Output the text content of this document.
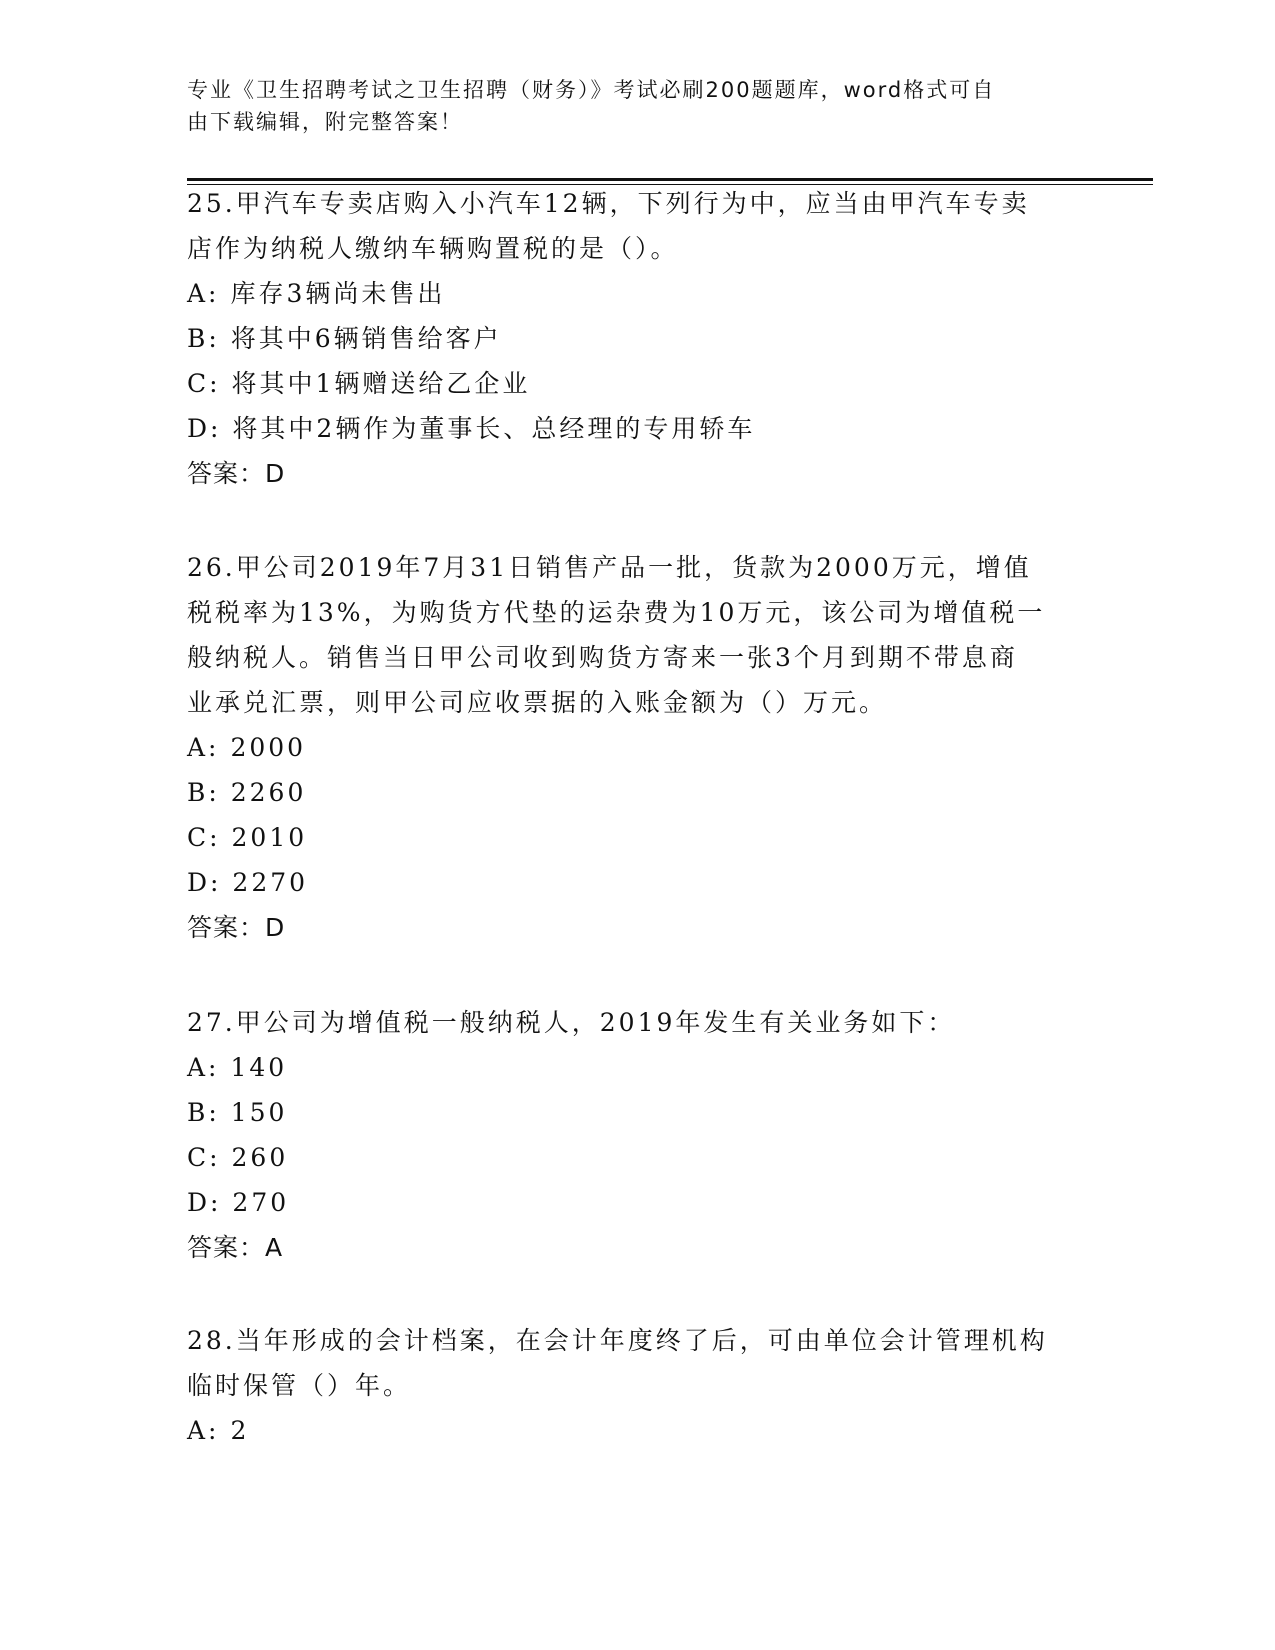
专业《卫生招聘考试之卫生招聘（财务）》考试必刷200题题库，word格式可自
由下载编辑，附完整答案！
25.甲汽车专卖店购入小汽车12辆，下列行为中，应当由甲汽车专卖
店作为纳税人缴纳车辆购置税的是（）。
A: 库存3辆尚未售出
B: 将其中6辆销售给客户
C: 将其中1辆赠送给乙企业
D: 将其中2辆作为董事长、总经理的专用轿车
答案：D
26.甲公司2019年7月31日销售产品一批，货款为2000万元，增值
税税率为13%，为购货方代垫的运杂费为10万元，该公司为增值税一
般纳税人。销售当日甲公司收到购货方寄来一张3个月到期不带息商
业承兑汇票，则甲公司应收票据的入账金额为（）万元。
A: 2000
B: 2260
C: 2010
D: 2270
答案：D
27.甲公司为增值税一般纳税人，2019年发生有关业务如下：
A: 140
B: 150
C: 260
D: 270
答案：A
28.当年形成的会计档案，在会计年度终了后，可由单位会计管理机构
临时保管（）年。
A: 2
